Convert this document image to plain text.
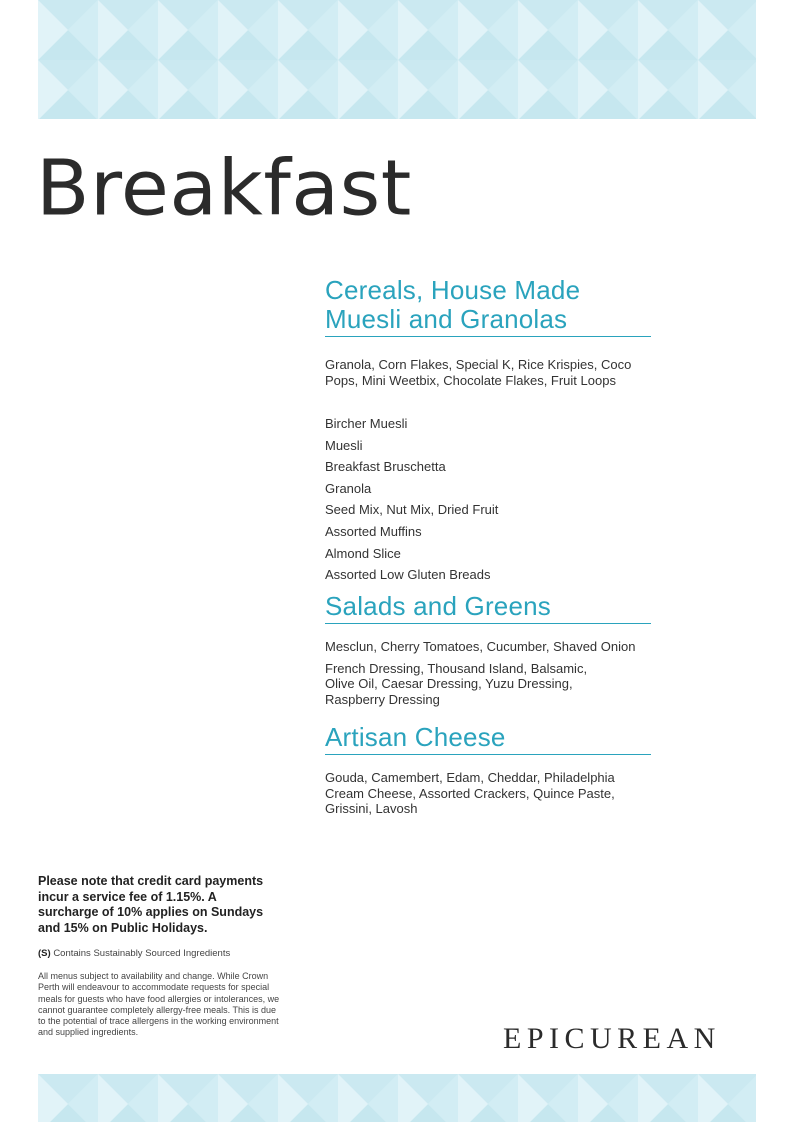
Breakfast
Cereals, House Made Muesli and Granolas

Granola, Corn Flakes, Special K, Rice Krispies, Coco Pops, Mini Weetbix, Chocolate Flakes, Fruit Loops

Bircher Muesli

Muesli

Breakfast Bruschetta

Granola

Seed Mix, Nut Mix, Dried Fruit

Assorted Muffins

Almond Slice

Assorted Low Gluten Breads

Salads and Greens

Mesclun, Cherry Tomatoes, Cucumber, Shaved Onion

French Dressing, Thousand Island, Balsamic, Olive Oil, Caesar Dressing, Yuzu Dressing, Raspberry Dressing

Artisan Cheese

Gouda, Camembert, Edam, Cheddar, Philadelphia Cream Cheese, Assorted Crackers, Quince Paste, Grissini, Lavosh

Please note that credit card payments incur a service fee of 1.15%. A surcharge of 10% applies on Sundays and 15% on Public Holidays.

(S) Contains Sustainably Sourced Ingredients

All menus subject to availability and change. While Crown Perth will endeavour to accommodate requests for special meals for guests who have food allergies or intolerances, we cannot guarantee completely allergy-free meals. This is due to the potential of trace allergens in the working environment and supplied ingredients.	EPICUREAN
